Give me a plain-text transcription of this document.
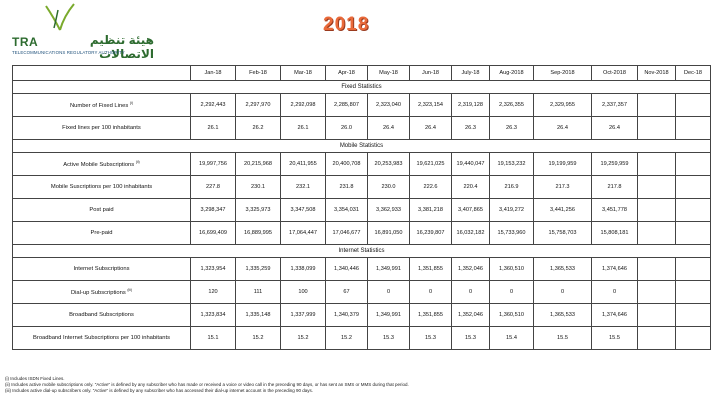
TRA	هيئة تنظيم الاتصالات
TELECOMMUNICATIONS REGULATORY AUTHORITY
2018
	Jan-18	Feb-18	Mar-18	Apr-18	May-18	Jun-18	July-18	Aug-2018	Sep-2018	Oct-2018	Nov-2018	Dec-18
Fixed Statistics												
Number of Fixed Lines $^{(i)}$	2,292,443	2,297,970	2,292,098	2,285,807	2,323,040	2,323,154	2,319,128	2,326,355	2,329,955	2,337,357		
Fixed lines per 100 inhabitants	26.1	26.2	26.1	26.0	26.4	26.4	26.3	26.3	26.4	26.4		
Mobile Statistics												
Active Mobile Subscriptions $^{(ii)}$	19,997,756	20,215,968	20,411,955	20,400,708	20,253,983	19,621,025	19,440,047	19,153,232	19,199,959	19,259,959		
Mobile Suscriptions per 100 inhabitants	227.8	230.1	232.1	231.8	230.0	222.6	220.4	216.9	217.3	217.8		
Post paid	3,298,347	3,325,973	3,347,508	3,354,031	3,362,933	3,381,218	3,407,865	3,419,272	3,441,256	3,451,778		
Pre-paid	16,699,409	16,889,995	17,064,447	17,046,677	16,891,050	16,239,807	16,032,182	15,733,960	15,758,703	15,808,181		
Internet Statistics												
Internet Subscriptions	1,323,954	1,335,259	1,338,099	1,340,446	1,349,991	1,351,855	1,352,046	1,360,510	1,365,533	1,374,646		
Dial-up Subscriptions $^{(iii)}$	120	111	100	67	0	0	0	0	0	0		
Broadband Subscriptions	1,323,834	1,335,148	1,337,999	1,340,379	1,349,991	1,351,855	1,352,046	1,360,510	1,365,533	1,374,646		
Broadband Internet Subscriptions per 100 inhabitants	15.1	15.2	15.2	15.2	15.3	15.3	15.3	15.4	15.5	15.5		
(i) Includes ISDN Fixed Lines.
(ii) Includes active mobile subscriptions only. "Active" is defined by any subscriber who has made or received a voice or video call in the preceding 90 days, or has sent an SMS or MMS during that period.
(iii) Includes active dial-up subscribers only. "Active" is defined by any subscriber who has accessed their dial-up internet account in the preceding 90 days.
